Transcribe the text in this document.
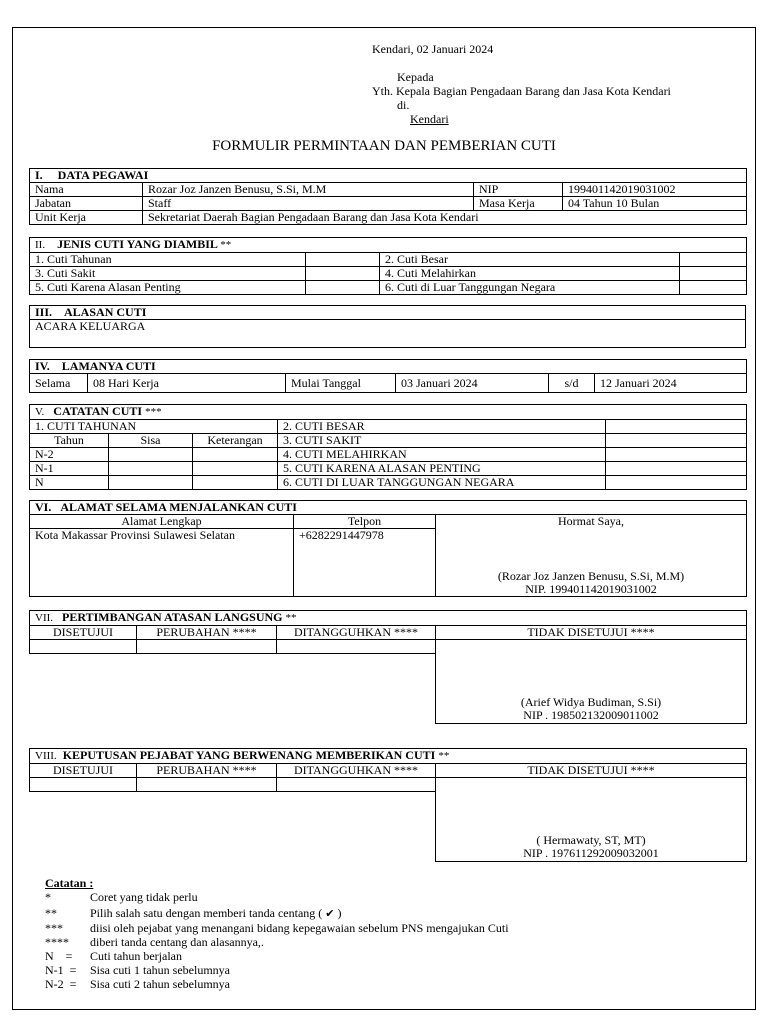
Kendari, 02 Januari 2024
Kepada
Yth. Kepala Bagian Pengadaan Barang dan Jasa Kota Kendari
di.
Kendari
FORMULIR PERMINTAAN DAN PEMBERIAN CUTI
I. DATA PEGAWAI			
Nama	Rozar Joz Janzen Benusu, S.Si, M.M	NIP	199401142019031002
Jabatan	Staff	Masa Kerja	04 Tahun 10 Bulan
Unit Kerja	Sekretariat Daerah Bagian Pengadaan Barang dan Jasa Kota Kendari		
II. JENIS CUTI YANG DIAMBIL **			
1. Cuti Tahunan		2. Cuti Besar	
3. Cuti Sakit		4. Cuti Melahirkan	
5. Cuti Karena Alasan Penting		6. Cuti di Luar Tanggungan Negara	
III. ALASAN CUTI
ACARA KELUARGA
IV. LAMANYA CUTI
Selama	08 Hari Kerja	Mulai Tanggal	03 Januari 2024	s/d	12 Januari 2024
V. CATATAN CUTI ***				
1. CUTI TAHUNAN			2. CUTI BESAR	
Tahun	Sisa	Keterangan	3. CUTI SAKIT	
N-2			4. CUTI MELAHIRKAN	
N-1			5. CUTI KARENA ALASAN PENTING	
N			6. CUTI DI LUAR TANGGUNGAN NEGARA	
VI. ALAMAT SELAMA MENJALANKAN CUTI		
Alamat Lengkap	Telpon	Hormat Saya,
(Rozar Joz Janzen Benusu, S.Si, M.M)
NIP. 199401142019031002

Kota Makassar Provinsi Sulawesi Selatan	+6282291447978	
VII. PERTIMBANGAN ATASAN LANGSUNG **			
DISETUJUI	PERUBAHAN ****	DITANGGUHKAN ****	TIDAK DISETUJUI ****

			(Arief Widya Budiman, S.Si)
NIP . 198502132009011002

VIII. KEPUTUSAN PEJABAT YANG BERWENANG MEMBERIKAN CUTI **			
DISETUJUI	PERUBAHAN ****	DITANGGUHKAN ****	TIDAK DISETUJUI ****

			( Hermawaty, ST, MT)
NIP . 197611292009032001

Catatan :
*	Coret yang tidak perlu
**	Pilih salah satu dengan memberi tanda centang ( ✔ )
*** diisi oleh pejabat yang menangani bidang kepegawaian sebelum PNS mengajukan Cuti
**** diberi tanda centang dan alasannya,.
N    = Cuti tahun berjalan
N-1  = Sisa cuti 1 tahun sebelumnya
N-2  = Sisa cuti 2 tahun sebelumnya
